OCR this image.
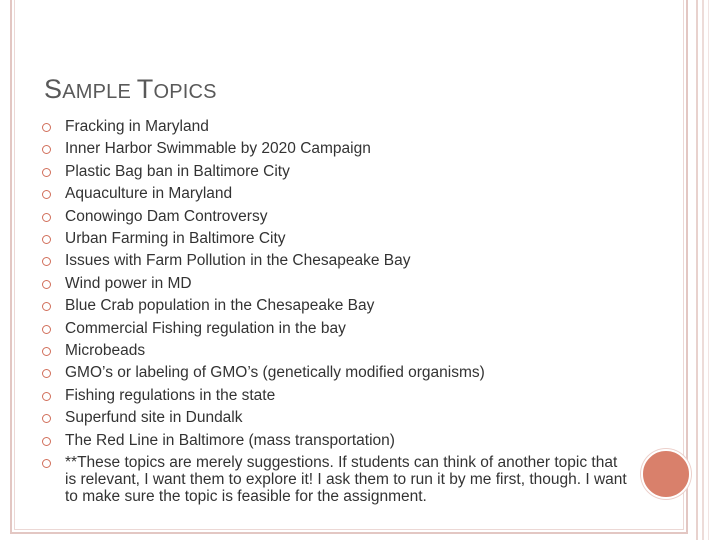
SAMPLE TOPICS
Fracking in Maryland
Inner Harbor Swimmable by 2020 Campaign
Plastic Bag ban in Baltimore City
Aquaculture in Maryland
Conowingo Dam Controversy
Urban Farming in Baltimore City
Issues with Farm Pollution in the Chesapeake Bay
Wind power in MD
Blue Crab population in the Chesapeake Bay
Commercial Fishing regulation in the bay
Microbeads
GMO’s or labeling of GMO’s (genetically modified organisms)
Fishing regulations in the state
Superfund site in Dundalk
The Red Line in Baltimore (mass transportation)
**These topics are merely suggestions. If students can think of another topic that is relevant, I want them to explore it! I ask them to run it by me first, though. I want to make sure the topic is feasible for the assignment.
